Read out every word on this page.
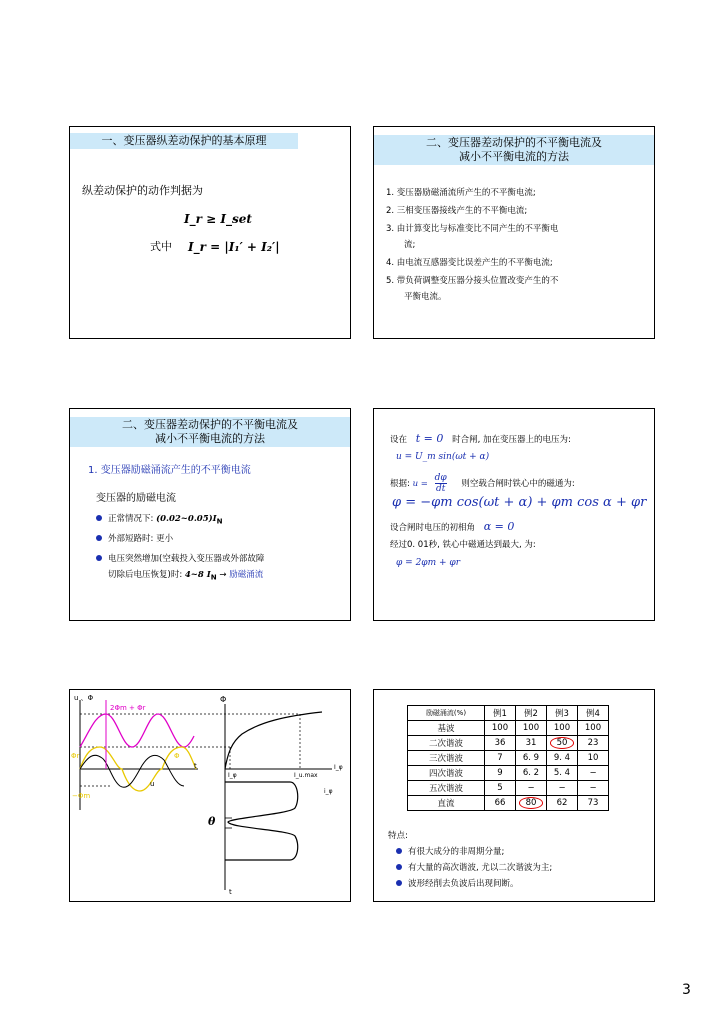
一、变压器纵差动保护的基本原理
纵差动保护的动作判据为
I_r ≥ I_set
式中 I_r = |I₁′ + I₂′|
二、变压器差动保护的不平衡电流及
减小不平衡电流的方法
1. 变压器励磁涌流所产生的不平衡电流;
2. 三相变压器接线产生的不平衡电流;
3. 由计算变比与标准变比不同产生的不平衡电
流;
4. 由电流互感器变比误差产生的不平衡电流;
5. 带负荷调整变压器分接头位置改变产生的不
平衡电流。
二、变压器差动保护的不平衡电流及
减小不平衡电流的方法
1. 变压器励磁涌流产生的不平衡电流
变压器的励磁电流
正常情况下: $(0.02\sim 0.05)I_N$
外部短路时: 更小
电压突然增加(空载投入变压器或外部故障
切除后电压恢复)时: 4~8 $I_N$ → 励磁涌流
设在 t = 0 时合闸, 加在变压器上的电压为:
u = U_m sin(ωt + α)
根据: $u = \frac{d\varphi}{dt}$ 则空载合闸时铁心中的磁通为:
φ = −φm cos(ωt + α) + φm cos α + φr
设合闸时电压的初相角 α = 0
经过0. 01秒, 铁心中磁通达到最大, 为:
φ = 2φm + φr
u 、Φ
2Φm + Φr
Φr
−Φm
u
Φ
t
Φ
I_φ	I_u.max
I_φ
i_φ
θ
t
励磁涌流(%)	例1	例2	例3	例4
基波	100	100	100	100
二次谐波	36	31	50	23
三次谐波	7	6. 9	9. 4	10
四次谐波	9	6. 2	5. 4	−
五次谐波	5	−	−	−
直流	66	80	62	73
特点:
有很大成分的非周期分量;
有大量的高次谐波, 尤以二次谐波为主;
波形经削去负波后出现间断。
3
